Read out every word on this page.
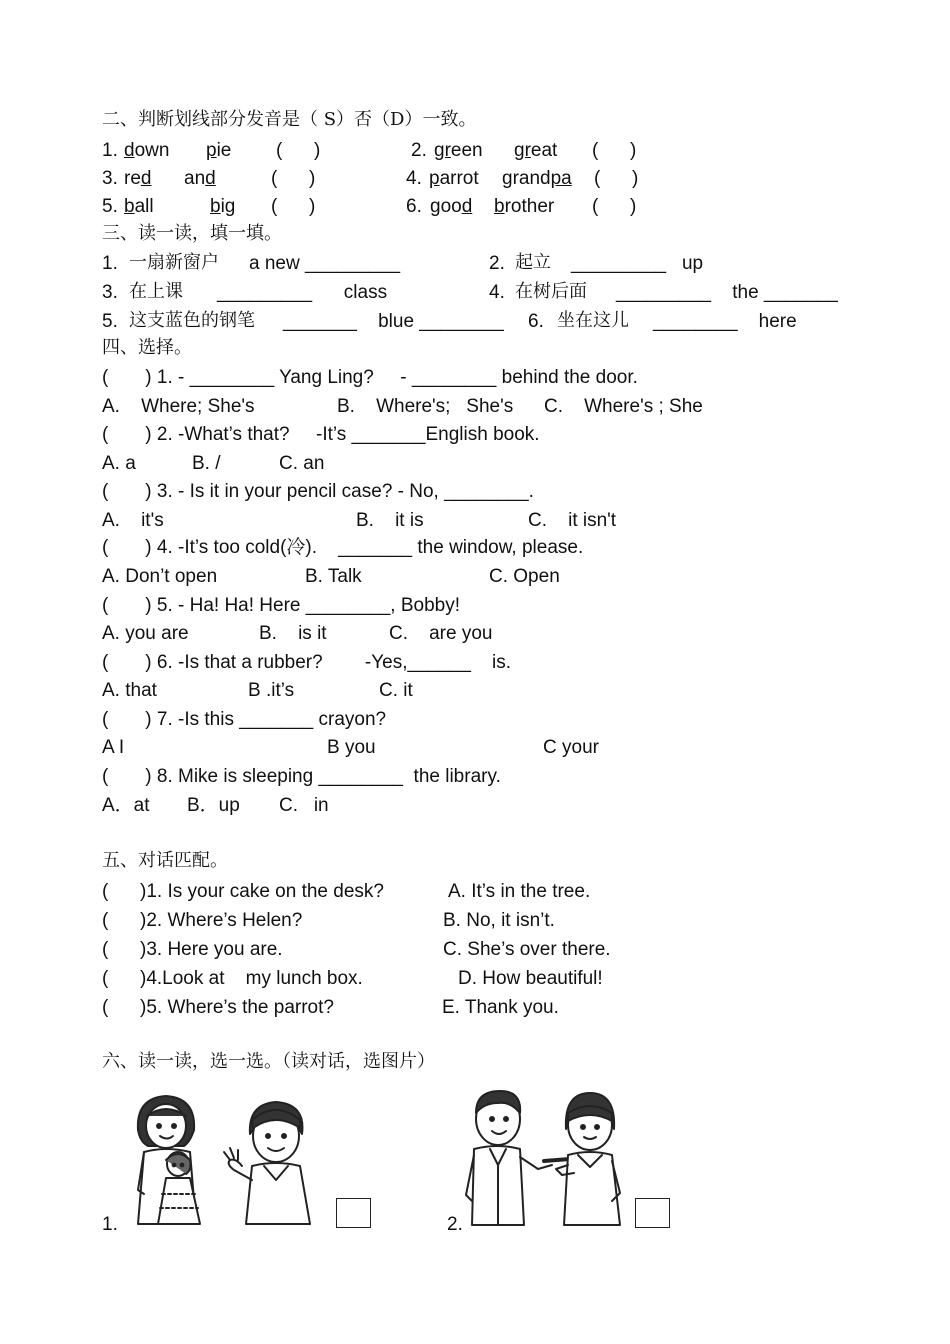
二、判断划线部分发音是（ S）否（D）一致。
1. down pie (      )	2. green great (      )
3. red and	(      )	4. parrot grandpa (      )
5. ball	big (      )	6. good brother (      )
三、读一读，填一填。
1. 一扇新窗户 a new _________	2. 起立 _________   up
3. 在上课 _________      class	4. 在树后面 _________    the _______
5. 这支蓝色的钢笔 _______    blue ________ 6. 坐在这儿 ________    here
四、选择。
(       ) 1. - ________ Yang Ling?     - ________ behind the door.
A.    Where; She's	B.    Where's;   She's C.    Where's ; She
(       ) 2. -What’s that?     -It’s _______English book.
A. a	B. /	C. an
(       ) 3. - Is it in your pencil case? - No, ________.
A.    it's	B.    it is	C.    it isn't
(       ) 4. -It’s too cold(冷).    _______ the window, please.
A. Don’t open	B. Talk	C. Open
(       ) 5. - Ha! Ha! Here ________, Bobby!
A. you are	B.    is it	C.    are you
(       ) 6. -Is that a rubber?        -Yes,______    is.
A. that	B .it’s	C. it
(       ) 7. -Is this _______ crayon?
A I	B you	C your
(       ) 8. Mike is sleeping ________  the library.
A．at B．up C.   in
五、对话匹配。
(      )1. Is your cake on the desk?	A. It’s in the tree.
(      )2. Where’s Helen?	B. No, it isn’t.
(      )3. Here you are.	C. She’s over there.
(      )4.Look at    my lunch box.	D. How beautiful!
(      )5. Where’s the parrot?	E. Thank you.
六、读一读，选一选。（读对话，选图片）
1.	2.
